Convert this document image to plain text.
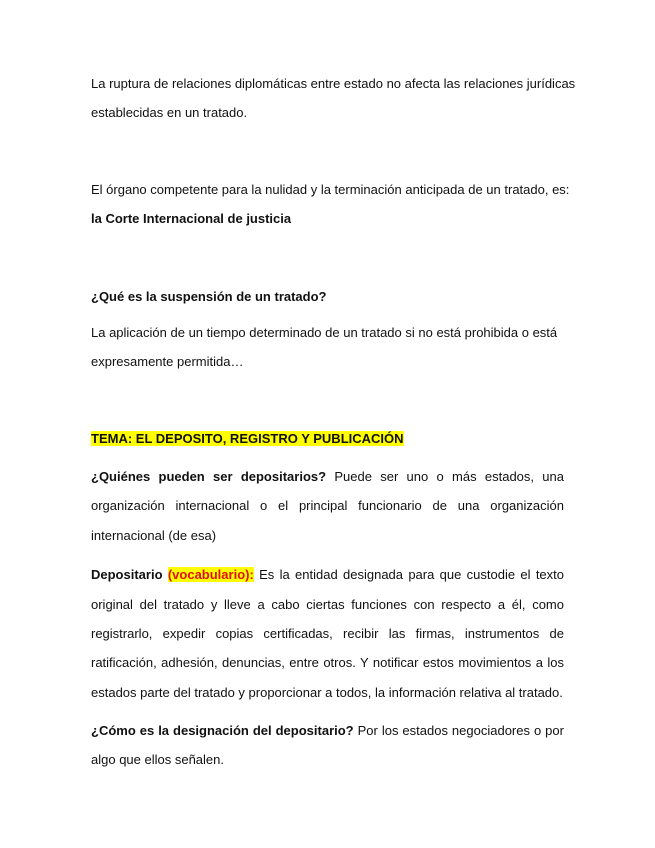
La ruptura de relaciones diplomáticas entre estado no afecta las relaciones jurídicas
establecidas en un tratado.
El órgano competente para la nulidad y la terminación anticipada de un tratado, es:
la Corte Internacional de justicia
¿Qué es la suspensión de un tratado?
La aplicación de un tiempo determinado de un tratado si no está prohibida o está
expresamente permitida…
TEMA: EL DEPOSITO, REGISTRO Y PUBLICACIÓN
¿Quiénes pueden ser depositarios? Puede ser uno o más estados, una
organización internacional o el principal funcionario de una organización
internacional (de esa)
Depositario (vocabulario): Es la entidad designada para que custodie el texto
original del tratado y lleve a cabo ciertas funciones con respecto a él, como
registrarlo, expedir copias certificadas, recibir las firmas, instrumentos de
ratificación, adhesión, denuncias, entre otros. Y notificar estos movimientos a los
estados parte del tratado y proporcionar a todos, la información relativa al tratado.
¿Cómo es la designación del depositario? Por los estados negociadores o por
algo que ellos señalen.
